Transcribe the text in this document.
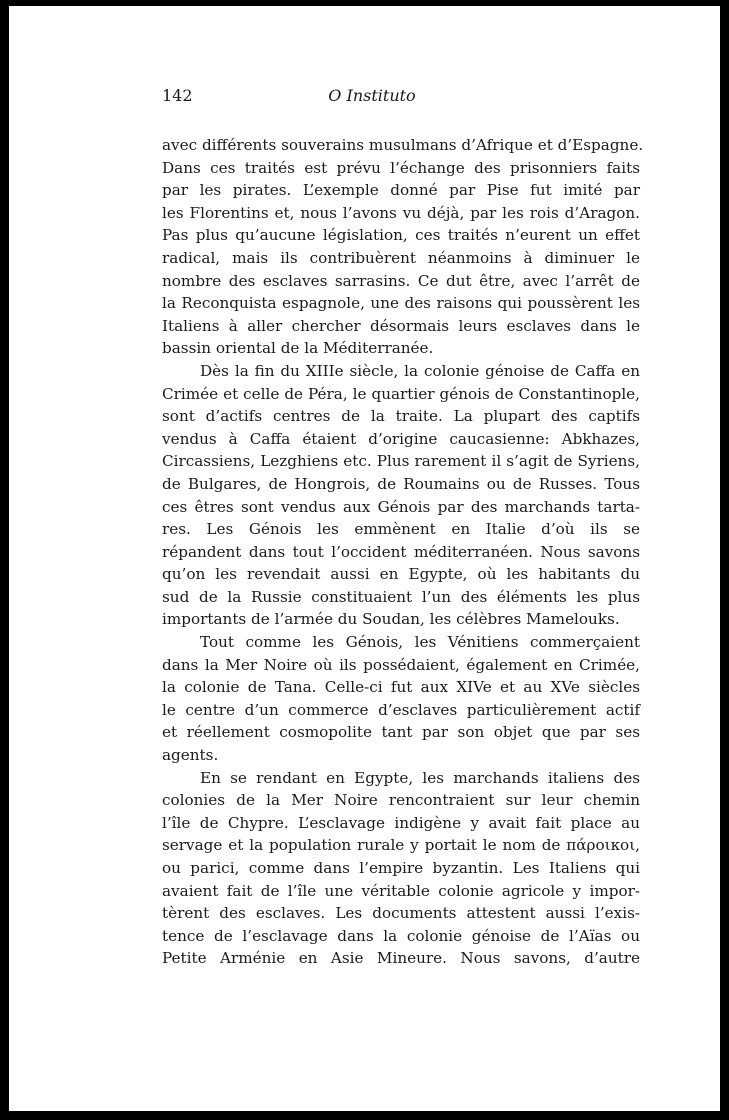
142	O Instituto
avec différents souverains musulmans d’Afrique et d’Espagne.
Dans ces traités est prévu l’échange des prisonniers faits
par les pirates. L’exemple donné par Pise fut imité par
les Florentins et, nous l’avons vu déjà, par les rois d’Aragon.
Pas plus qu’aucune législation, ces traités n’eurent un effet
radical, mais ils contribuèrent néanmoins à diminuer le
nombre des esclaves sarrasins. Ce dut être, avec l’arrêt de
la Reconquista espagnole, une des raisons qui poussèrent les
Italiens à aller chercher désormais leurs esclaves dans le
bassin oriental de la Méditerranée.
Dès la fin du XIIIe siècle, la colonie génoise de Caffa en
Crimée et celle de Péra, le quartier génois de Constantinople,
sont d’actifs centres de la traite. La plupart des captifs
vendus à Caffa étaient d’origine caucasienne: Abkhazes,
Circassiens, Lezghiens etc. Plus rarement il s’agit de Syriens,
de Bulgares, de Hongrois, de Roumains ou de Russes. Tous
ces êtres sont vendus aux Génois par des marchands tarta-
res. Les Génois les emmènent en Italie d’où ils se
répandent dans tout l’occident méditerranéen. Nous savons
qu’on les revendait aussi en Egypte, où les habitants du
sud de la Russie constituaient l’un des éléments les plus
importants de l’armée du Soudan, les célèbres Mamelouks.
Tout comme les Génois, les Vénitiens commerçaient
dans la Mer Noire où ils possédaient, également en Crimée,
la colonie de Tana. Celle-ci fut aux XIVe et au XVe siècles
le centre d’un commerce d’esclaves particulièrement actif
et réellement cosmopolite tant par son objet que par ses
agents.
En se rendant en Egypte, les marchands italiens des
colonies de la Mer Noire rencontraient sur leur chemin
l’île de Chypre. L’esclavage indigène y avait fait place au
servage et la population rurale y portait le nom de πάροικοι,
ou parici, comme dans l’empire byzantin. Les Italiens qui
avaient fait de l’île une véritable colonie agricole y impor-
tèrent des esclaves. Les documents attestent aussi l’exis-
tence de l’esclavage dans la colonie génoise de l’Aïas ou
Petite Arménie en Asie Mineure. Nous savons, d’autre
